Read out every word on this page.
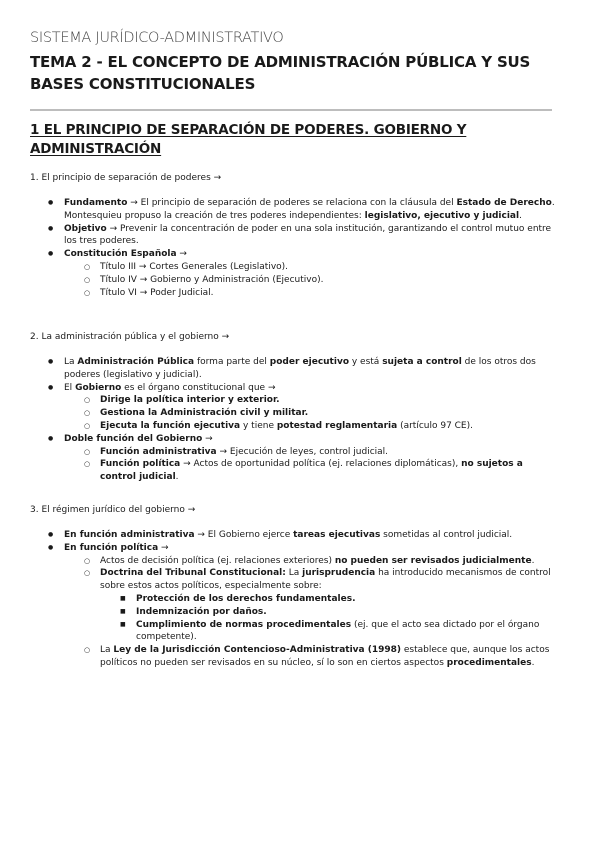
SISTEMA JURÍDICO-ADMINISTRATIVO
TEMA 2 - EL CONCEPTO DE ADMINISTRACIÓN PÚBLICA Y SUS BASES CONSTITUCIONALES
1 EL PRINCIPIO DE SEPARACIÓN DE PODERES. GOBIERNO Y ADMINISTRACIÓN
1. El principio de separación de poderes →
● Fundamento → El principio de separación de poderes se relaciona con la cláusula del Estado de Derecho. Montesquieu propuso la creación de tres poderes independientes: legislativo, ejecutivo y judicial.
● Objetivo → Prevenir la concentración de poder en una sola institución, garantizando el control mutuo entre los tres poderes.
● Constitución Española →
○ Título III → Cortes Generales (Legislativo).
○ Título IV → Gobierno y Administración (Ejecutivo).
○ Título VI → Poder Judicial.
2. La administración pública y el gobierno →
● La Administración Pública forma parte del poder ejecutivo y está sujeta a control de los otros dos poderes (legislativo y judicial).
● El Gobierno es el órgano constitucional que →
○ Dirige la política interior y exterior.
○ Gestiona la Administración civil y militar.
○ Ejecuta la función ejecutiva y tiene potestad reglamentaria (artículo 97 CE).
● Doble función del Gobierno →
○ Función administrativa → Ejecución de leyes, control judicial.
○ Función política → Actos de oportunidad política (ej. relaciones diplomáticas), no sujetos a control judicial.
3. El régimen jurídico del gobierno →
● En función administrativa → El Gobierno ejerce tareas ejecutivas sometidas al control judicial.
● En función política →
○ Actos de decisión política (ej. relaciones exteriores) no pueden ser revisados judicialmente.
○ Doctrina del Tribunal Constitucional: La jurisprudencia ha introducido mecanismos de control sobre estos actos políticos, especialmente sobre:
■ Protección de los derechos fundamentales.
■ Indemnización por daños.
■ Cumplimiento de normas procedimentales (ej. que el acto sea dictado por el órgano competente).
○ La Ley de la Jurisdicción Contencioso-Administrativa (1998) establece que, aunque los actos políticos no pueden ser revisados en su núcleo, sí lo son en ciertos aspectos procedimentales.
